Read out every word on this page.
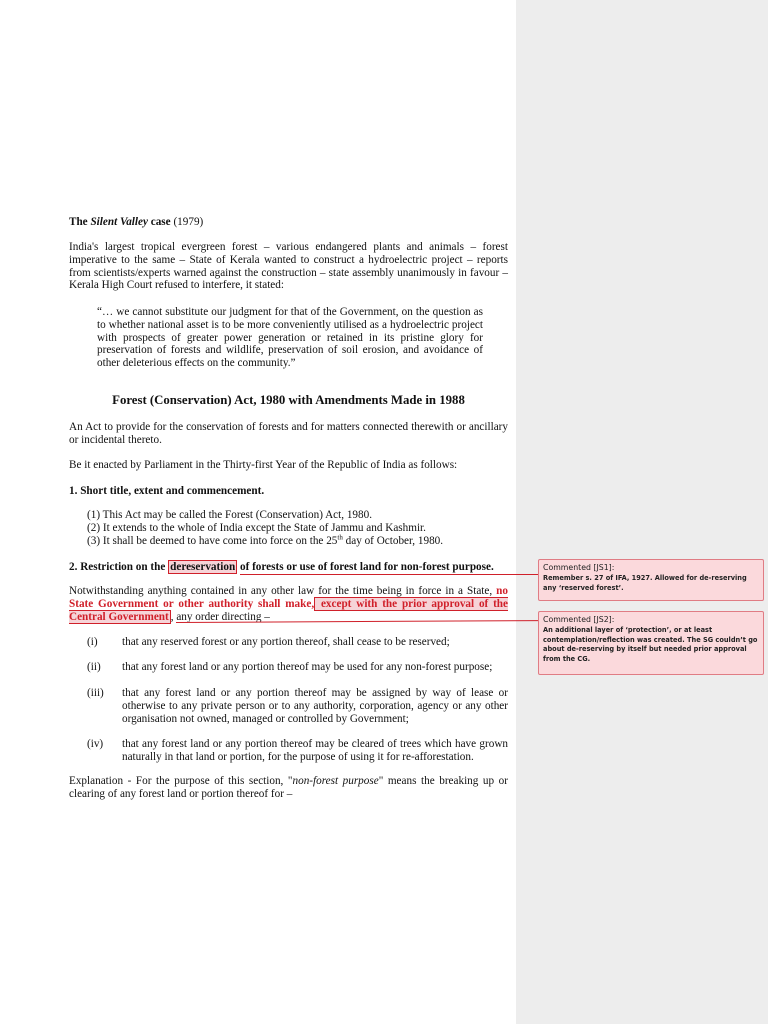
The Silent Valley case (1979)
India's largest tropical evergreen forest – various endangered plants and animals – forest imperative to the same – State of Kerala wanted to construct a hydroelectric project – reports from scientists/experts warned against the construction – state assembly unanimously in favour – Kerala High Court refused to interfere, it stated:
“… we cannot substitute our judgment for that of the Government, on the question as to whether national asset is to be more conveniently utilised as a hydroelectric project with prospects of greater power generation or retained in its pristine glory for preservation of forests and wildlife, preservation of soil erosion, and avoidance of other deleterious effects on the community.”
Forest (Conservation) Act, 1980 with Amendments Made in 1988
An Act to provide for the conservation of forests and for matters connected therewith or ancillary or incidental thereto.
Be it enacted by Parliament in the Thirty-first Year of the Republic of India as follows:
1. Short title, extent and commencement.
(1) This Act may be called the Forest (Conservation) Act, 1980.
(2) It extends to the whole of India except the State of Jammu and Kashmir.
(3) It shall be deemed to have come into force on the 25th day of October, 1980.
2. Restriction on the dereservation of forests or use of forest land for non-forest purpose.
Notwithstanding anything contained in any other law for the time being in force in a State, no State Government or other authority shall make, except with the prior approval of the Central Government , any order directing –
(i) that any reserved forest or any portion thereof, shall cease to be reserved;
(ii) that any forest land or any portion thereof may be used for any non-forest purpose;
(iii) that any forest land or any portion thereof may be assigned by way of lease or otherwise to any private person or to any authority, corporation, agency or any other organisation not owned, managed or controlled by Government;
(iv) that any forest land or any portion thereof may be cleared of trees which have grown naturally in that land or portion, for the purpose of using it for re-afforestation.
Explanation - For the purpose of this section, "non-forest purpose" means the breaking up or clearing of any forest land or portion thereof for –
Commented [JS1]:
Remember s. 27 of IFA, 1927. Allowed for de-reserving any ‘reserved forest’.
Commented [JS2]:
An additional layer of ‘protection’, or at least contemplation/reflection was created. The SG couldn’t go about de-reserving by itself but needed prior approval from the CG.
